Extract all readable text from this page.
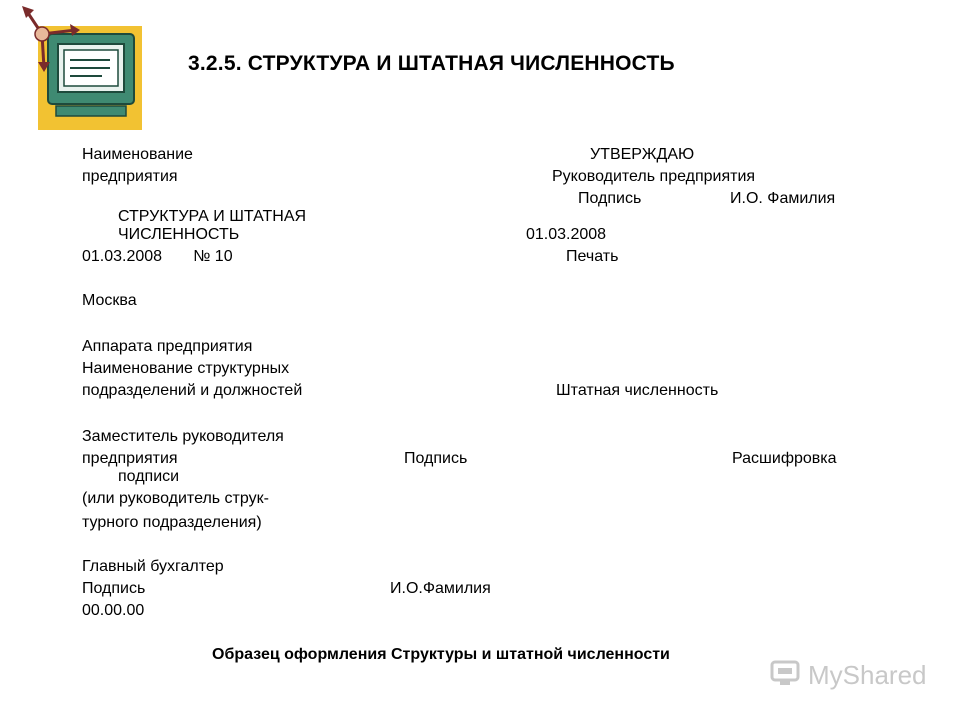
3.2.5. СТРУКТУРА И ШТАТНАЯ ЧИСЛЕННОСТЬ
Наименование
предприятия
УТВЕРЖДАЮ
Руководитель предприятия
Подпись	И.О. Фамилия
СТРУКТУРА И ШТАТНАЯ
ЧИСЛЕННОСТЬ	01.03.2008
01.03.2008       № 10	Печать
Москва
Аппарата предприятия
Наименование структурных
подразделений и должностей	Штатная численность
Заместитель руководителя
предприятия	Подпись	Расшифровка
подписи
(или руководитель струк-
турного подразделения)
Главный бухгалтер
Подпись	И.О.Фамилия
00.00.00
Образец оформления Структуры и штатной численности
MyShared
